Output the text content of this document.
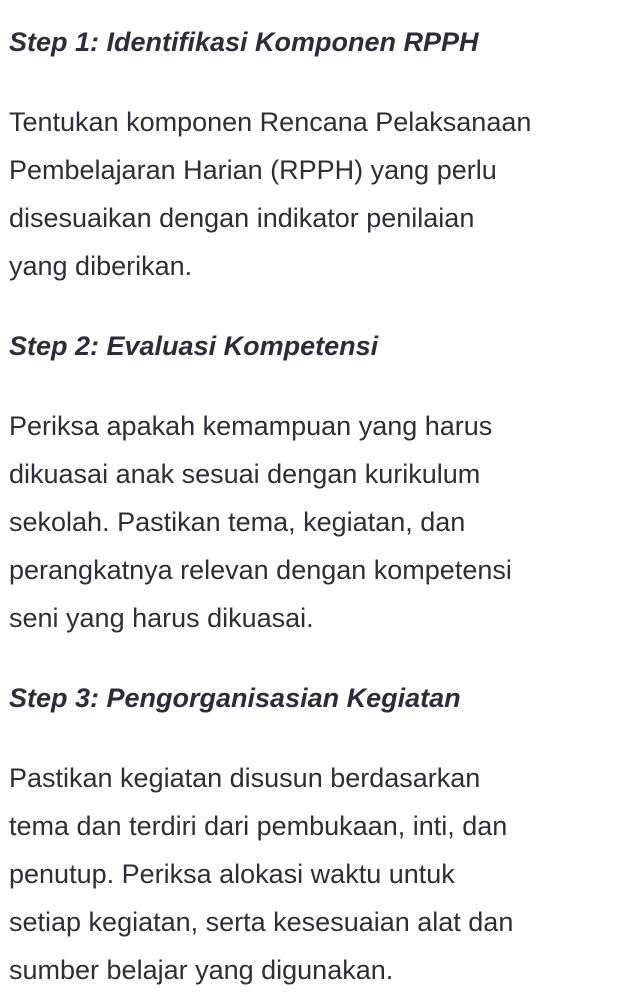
Step 1: Identifikasi Komponen RPPH
Tentukan komponen Rencana Pelaksanaan
Pembelajaran Harian (RPPH) yang perlu
disesuaikan dengan indikator penilaian
yang diberikan.
Step 2: Evaluasi Kompetensi
Periksa apakah kemampuan yang harus
dikuasai anak sesuai dengan kurikulum
sekolah. Pastikan tema, kegiatan, dan
perangkatnya relevan dengan kompetensi
seni yang harus dikuasai.
Step 3: Pengorganisasian Kegiatan
Pastikan kegiatan disusun berdasarkan
tema dan terdiri dari pembukaan, inti, dan
penutup. Periksa alokasi waktu untuk
setiap kegiatan, serta kesesuaian alat dan
sumber belajar yang digunakan.
